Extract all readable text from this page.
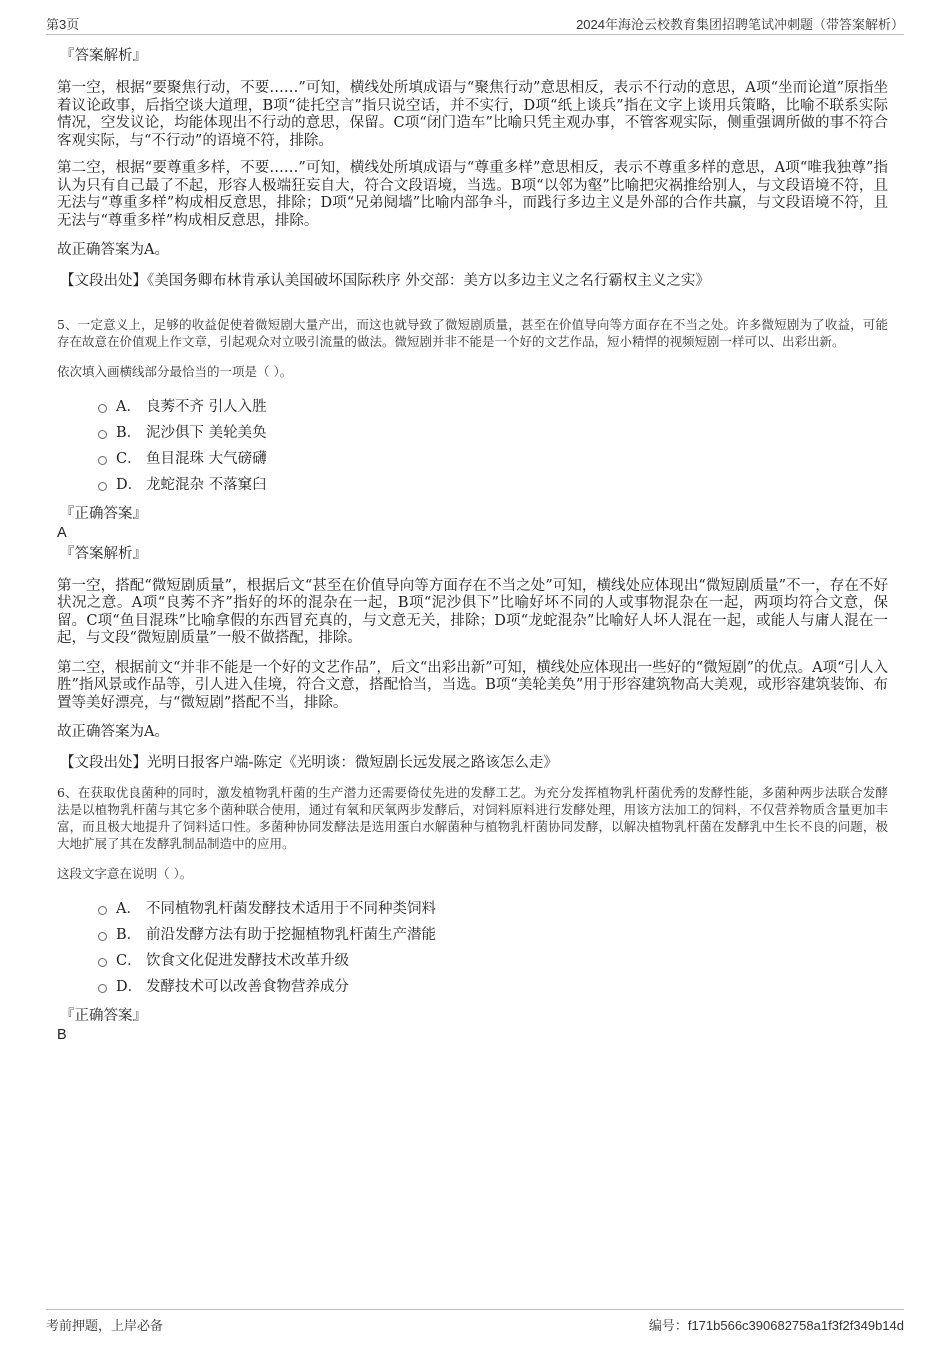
第3页	2024年海沧云校教育集团招聘笔试冲刺题（带答案解析）
『答案解析』

第一空，根据“要聚焦行动，不要……”可知，横线处所填成语与“聚焦行动”意思相反，表示不行动的意思，A项“坐而论道”原指坐着议论政事，后指空谈大道理，B项“徒托空言”指只说空话，并不实行，D项“纸上谈兵”指在文字上谈用兵策略，比喻不联系实际情况，空发议论，均能体现出不行动的意思，保留。C项“闭门造车”比喻只凭主观办事，不管客观实际，侧重强调所做的事不符合客观实际，与“不行动”的语境不符，排除。

第二空，根据“要尊重多样，不要……”可知，横线处所填成语与“尊重多样”意思相反，表示不尊重多样的意思，A项“唯我独尊”指认为只有自己最了不起，形容人极端狂妄自大，符合文段语境，当选。B项“以邻为壑”比喻把灾祸推给别人，与文段语境不符，且无法与“尊重多样”构成相反意思，排除；D项“兄弟阋墙”比喻内部争斗，而践行多边主义是外部的合作共赢，与文段语境不符，且无法与“尊重多样”构成相反意思，排除。

故正确答案为A。

【文段出处】《美国务卿布林肯承认美国破坏国际秩序 外交部：美方以多边主义之名行霸权主义之实》

5、一定意义上，足够的收益促使着微短剧大量产出，而这也就导致了微短剧质量，甚至在价值导向等方面存在不当之处。许多微短剧为了收益，可能存在故意在价值观上作文章，引起观众对立吸引流量的做法。微短剧并非不能是一个好的文艺作品，短小精悍的视频短剧一样可以、出彩出新。

依次填入画横线部分最恰当的一项是（ ）。

A． 良莠不齐 引人入胜
B． 泥沙俱下 美轮美奂
C． 鱼目混珠 大气磅礴
D． 龙蛇混杂 不落窠臼
『正确答案』
A
『答案解析』

第一空，搭配“微短剧质量”，根据后文“甚至在价值导向等方面存在不当之处”可知，横线处应体现出“微短剧质量”不一，存在不好状况之意。A项“良莠不齐”指好的坏的混杂在一起，B项“泥沙俱下”比喻好坏不同的人或事物混杂在一起，两项均符合文意，保留。C项“鱼目混珠”比喻拿假的东西冒充真的，与文意无关，排除；D项“龙蛇混杂”比喻好人坏人混在一起，或能人与庸人混在一起，与文段“微短剧质量”一般不做搭配，排除。

第二空，根据前文“并非不能是一个好的文艺作品”，后文“出彩出新”可知，横线处应体现出一些好的“微短剧”的优点。A项“引人入胜”指风景或作品等，引人进入佳境，符合文意，搭配恰当，当选。B项“美轮美奂”用于形容建筑物高大美观，或形容建筑装饰、布置等美好漂亮，与“微短剧”搭配不当，排除。

故正确答案为A。

【文段出处】光明日报客户端-陈定《光明谈：微短剧长远发展之路该怎么走》

6、在获取优良菌种的同时，激发植物乳杆菌的生产潜力还需要倚仗先进的发酵工艺。为充分发挥植物乳杆菌优秀的发酵性能，多菌种两步法联合发酵法是以植物乳杆菌与其它多个菌种联合使用，通过有氧和厌氧两步发酵后，对饲料原料进行发酵处理，用该方法加工的饲料，不仅营养物质含量更加丰富，而且极大地提升了饲料适口性。多菌种协同发酵法是选用蛋白水解菌种与植物乳杆菌协同发酵，以解决植物乳杆菌在发酵乳中生长不良的问题，极大地扩展了其在发酵乳制品制造中的应用。

这段文字意在说明（ ）。

A． 不同植物乳杆菌发酵技术适用于不同种类饲料
B． 前沿发酵方法有助于挖掘植物乳杆菌生产潜能
C． 饮食文化促进发酵技术改革升级
D． 发酵技术可以改善食物营养成分
『正确答案』
B
考前押题，上岸必备	编号：f171b566c390682758a1f3f2f349b14d
